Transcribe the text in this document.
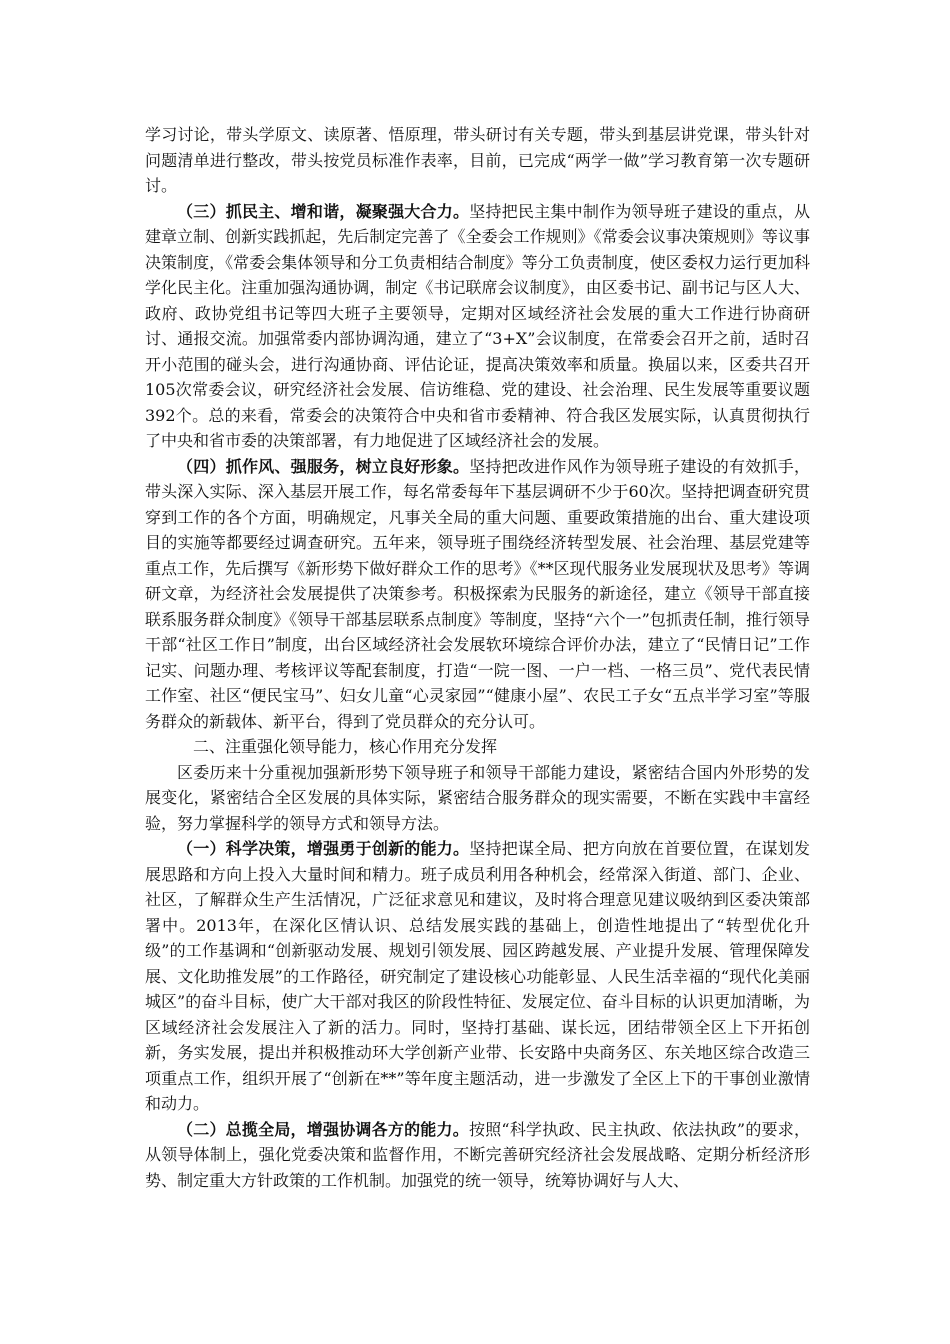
学习讨论，带头学原文、读原著、悟原理，带头研讨有关专题，带头到基层讲党课，带头针对问题清单进行整改，带头按党员标准作表率，目前，已完成“两学一做”学习教育第一次专题研讨。

（三）抓民主、增和谐，凝聚强大合力。坚持把民主集中制作为领导班子建设的重点，从建章立制、创新实践抓起，先后制定完善了《全委会工作规则》《常委会议事决策规则》等议事决策制度，《常委会集体领导和分工负责相结合制度》等分工负责制度，使区委权力运行更加科学化民主化。注重加强沟通协调，制定《书记联席会议制度》，由区委书记、副书记与区人大、政府、政协党组书记等四大班子主要领导，定期对区域经济社会发展的重大工作进行协商研讨、通报交流。加强常委内部协调沟通，建立了“3+X”会议制度，在常委会召开之前，适时召开小范围的碰头会，进行沟通协商、评估论证，提高决策效率和质量。换届以来，区委共召开105次常委会议，研究经济社会发展、信访维稳、党的建设、社会治理、民生发展等重要议题392个。总的来看，常委会的决策符合中央和省市委精神、符合我区发展实际，认真贯彻执行了中央和省市委的决策部署，有力地促进了区域经济社会的发展。

（四）抓作风、强服务，树立良好形象。坚持把改进作风作为领导班子建设的有效抓手，带头深入实际、深入基层开展工作，每名常委每年下基层调研不少于60次。坚持把调查研究贯穿到工作的各个方面，明确规定，凡事关全局的重大问题、重要政策措施的出台、重大建设项目的实施等都要经过调查研究。五年来，领导班子围绕经济转型发展、社会治理、基层党建等重点工作，先后撰写《新形势下做好群众工作的思考》《**区现代服务业发展现状及思考》等调研文章，为经济社会发展提供了决策参考。积极探索为民服务的新途径，建立《领导干部直接联系服务群众制度》《领导干部基层联系点制度》等制度，坚持“六个一”包抓责任制，推行领导干部“社区工作日”制度，出台区域经济社会发展软环境综合评价办法，建立了“民情日记”工作记实、问题办理、考核评议等配套制度，打造“一院一图、一户一档、一格三员”、党代表民情工作室、社区“便民宝马”、妇女儿童“心灵家园”“健康小屋”、农民工子女“五点半学习室”等服务群众的新载体、新平台，得到了党员群众的充分认可。

二、注重强化领导能力，核心作用充分发挥

区委历来十分重视加强新形势下领导班子和领导干部能力建设，紧密结合国内外形势的发展变化，紧密结合全区发展的具体实际，紧密结合服务群众的现实需要，不断在实践中丰富经验，努力掌握科学的领导方式和领导方法。

（一）科学决策，增强勇于创新的能力。坚持把谋全局、把方向放在首要位置，在谋划发展思路和方向上投入大量时间和精力。班子成员利用各种机会，经常深入街道、部门、企业、社区，了解群众生产生活情况，广泛征求意见和建议，及时将合理意见建议吸纳到区委决策部署中。2013年，在深化区情认识、总结发展实践的基础上，创造性地提出了“转型优化升级”的工作基调和“创新驱动发展、规划引领发展、园区跨越发展、产业提升发展、管理保障发展、文化助推发展”的工作路径，研究制定了建设核心功能彰显、人民生活幸福的“现代化美丽城区”的奋斗目标，使广大干部对我区的阶段性特征、发展定位、奋斗目标的认识更加清晰，为区域经济社会发展注入了新的活力。同时，坚持打基础、谋长远，团结带领全区上下开拓创新，务实发展，提出并积极推动环大学创新产业带、长安路中央商务区、东关地区综合改造三项重点工作，组织开展了“创新在**”等年度主题活动，进一步激发了全区上下的干事创业激情和动力。

（二）总揽全局，增强协调各方的能力。按照“科学执政、民主执政、依法执政”的要求，从领导体制上，强化党委决策和监督作用，不断完善研究经济社会发展战略、定期分析经济形势、制定重大方针政策的工作机制。加强党的统一领导，统筹协调好与人大、
